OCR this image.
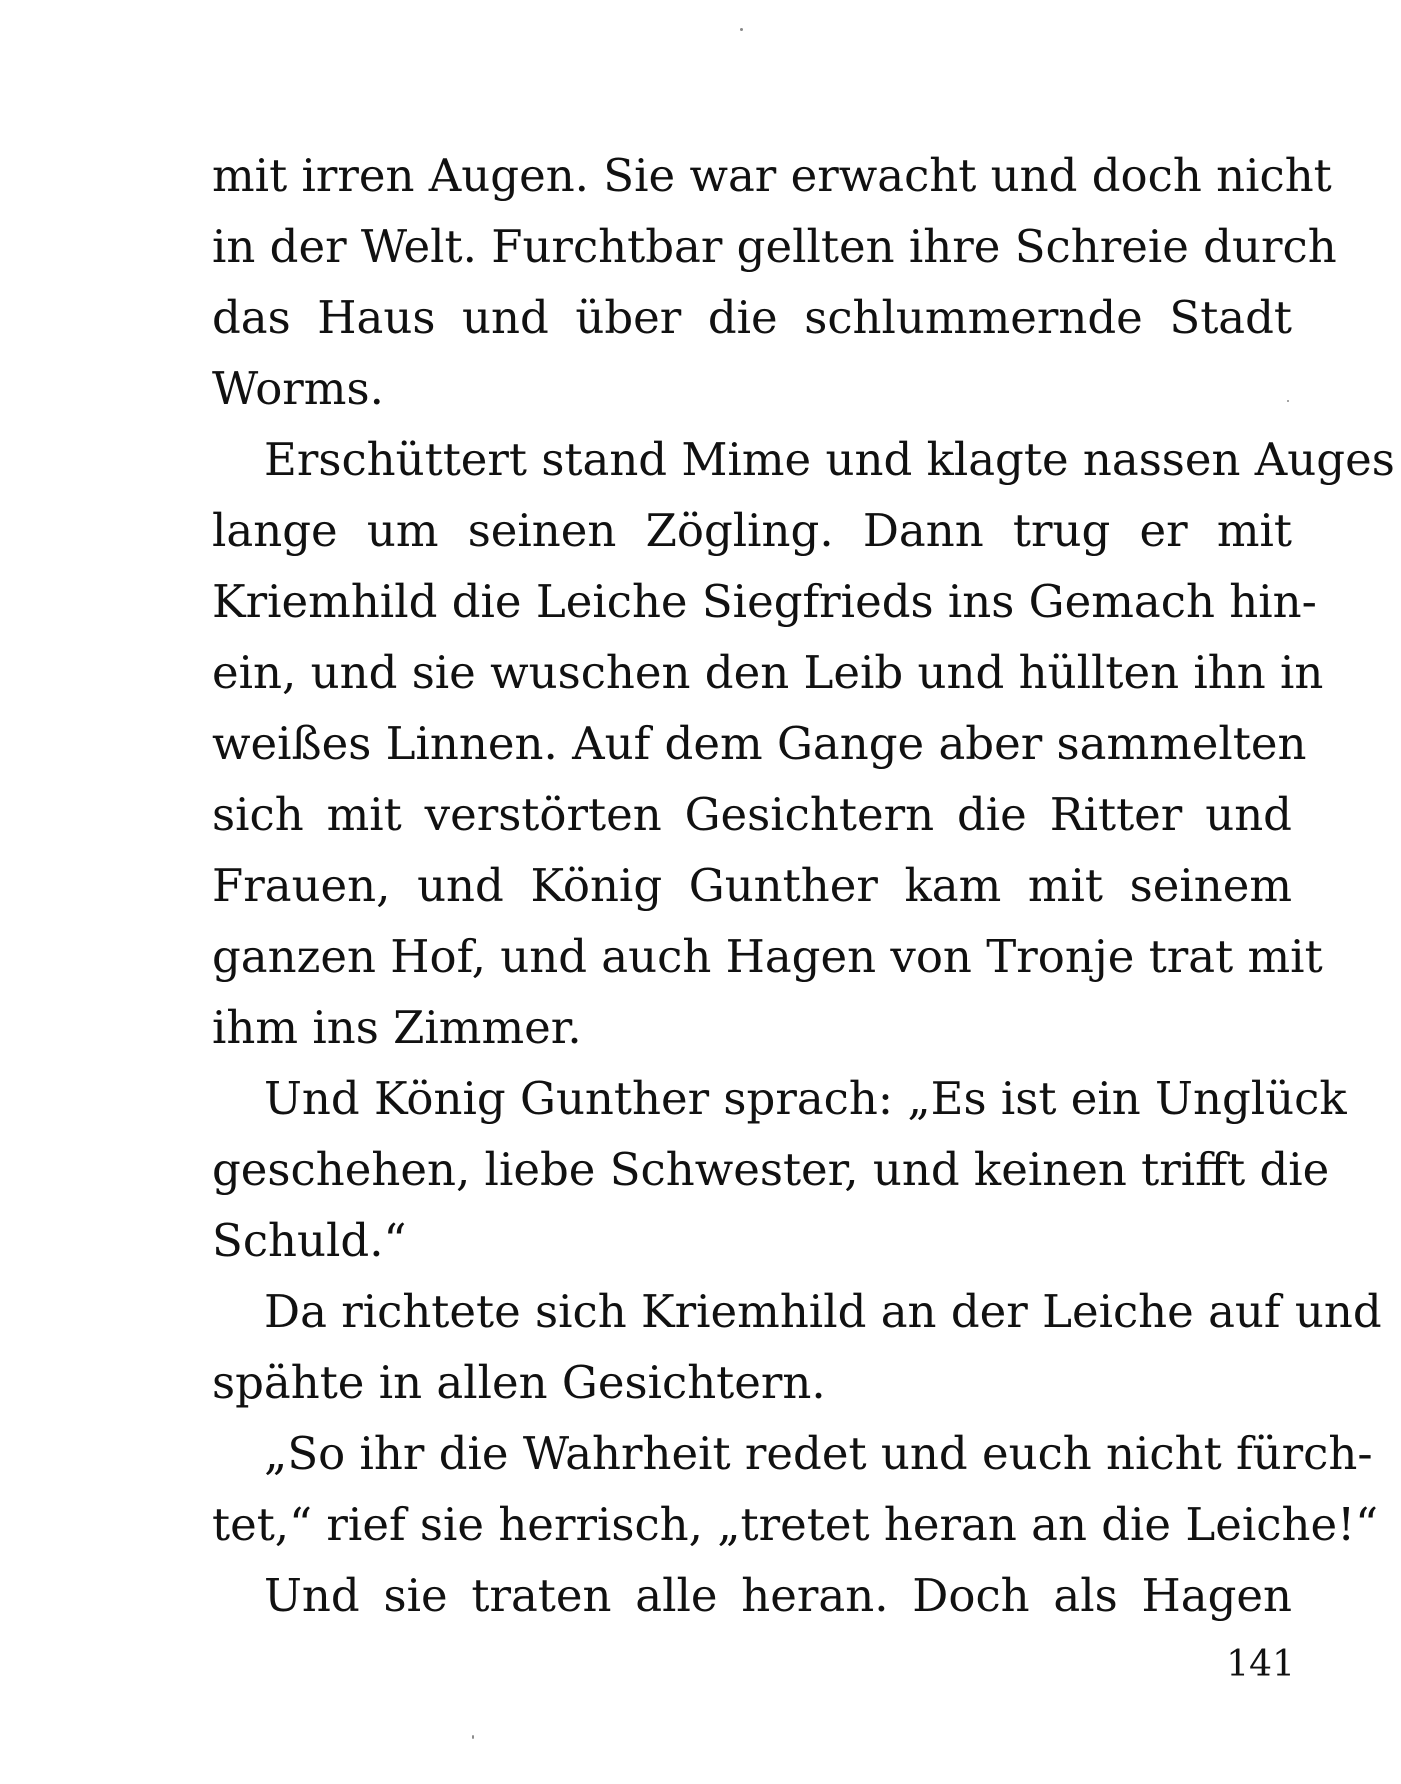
mit irren Augen. Sie war erwacht und doch nicht
in der Welt. Furchtbar gellten ihre Schreie durch
das Haus und über die schlummernde Stadt
Worms.

Erschüttert stand Mime und klagte nassen Auges
lange um seinen Zögling. Dann trug er mit
Kriemhild die Leiche Siegfrieds ins Gemach hin-
ein, und sie wuschen den Leib und hüllten ihn in
weißes Linnen. Auf dem Gange aber sammelten
sich mit verstörten Gesichtern die Ritter und
Frauen, und König Gunther kam mit seinem
ganzen Hof, und auch Hagen von Tronje trat mit
ihm ins Zimmer.

Und König Gunther sprach: „Es ist ein Unglück
geschehen, liebe Schwester, und keinen trifft die
Schuld.“

Da richtete sich Kriemhild an der Leiche auf und
spähte in allen Gesichtern.

„So ihr die Wahrheit redet und euch nicht fürch-
tet,“ rief sie herrisch, „tretet heran an die Leiche!“

Und sie traten alle heran. Doch als Hagen

141
